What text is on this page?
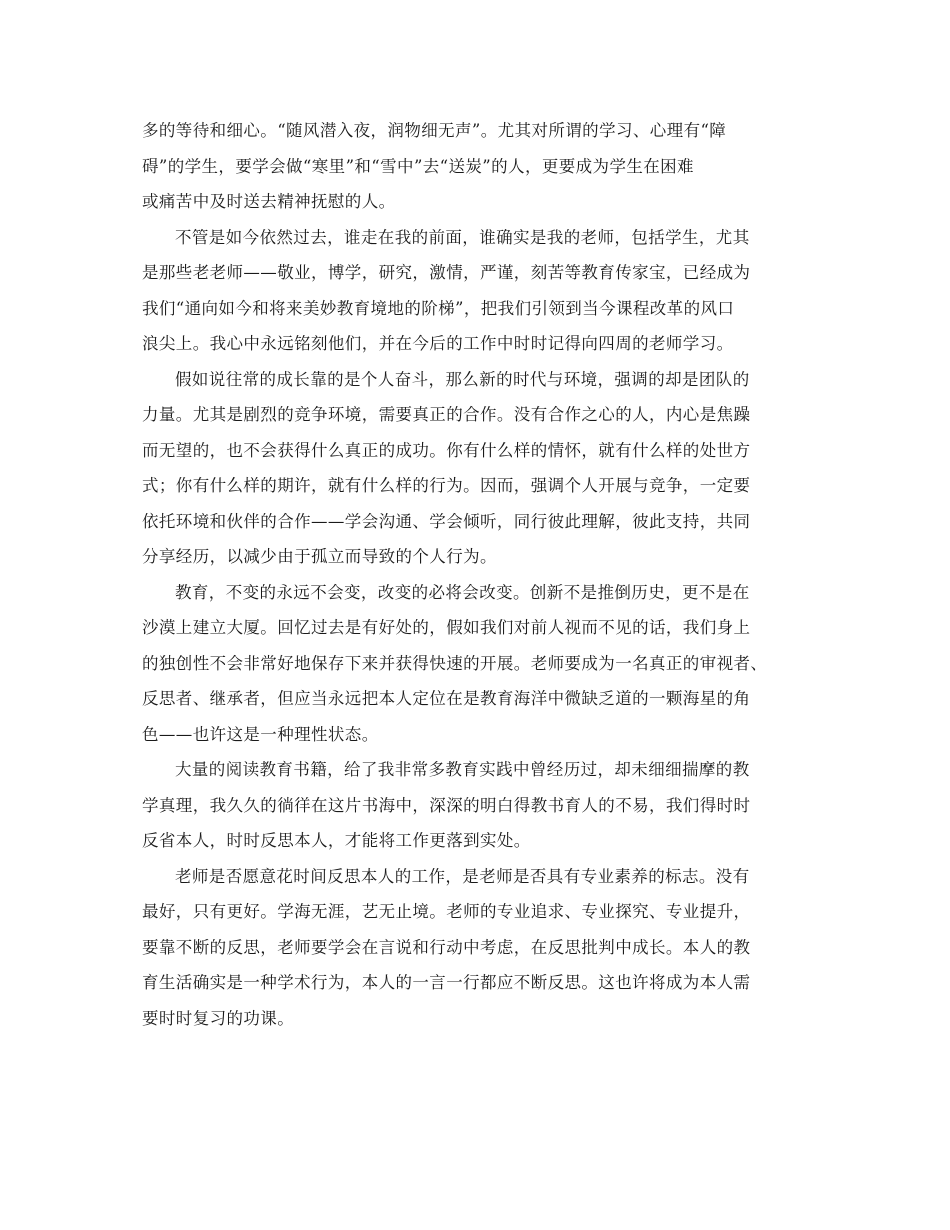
多的等待和细心。“随风潜入夜，润物细无声”。尤其对所谓的学习、心理有“障
碍”的学生，要学会做“寒里”和“雪中”去“送炭”的人，更要成为学生在困难
或痛苦中及时送去精神抚慰的人。
不管是如今依然过去，谁走在我的前面，谁确实是我的老师，包括学生，尤其
是那些老老师——敬业，博学，研究，激情，严谨，刻苦等教育传家宝，已经成为
我们“通向如今和将来美妙教育境地的阶梯”，把我们引领到当今课程改革的风口
浪尖上。我心中永远铭刻他们，并在今后的工作中时时记得向四周的老师学习。
假如说往常的成长靠的是个人奋斗，那么新的时代与环境，强调的却是团队的
力量。尤其是剧烈的竞争环境，需要真正的合作。没有合作之心的人，内心是焦躁
而无望的，也不会获得什么真正的成功。你有什么样的情怀，就有什么样的处世方
式；你有什么样的期许，就有什么样的行为。因而，强调个人开展与竞争，一定要
依托环境和伙伴的合作——学会沟通、学会倾听，同行彼此理解，彼此支持，共同
分享经历，以减少由于孤立而导致的个人行为。
教育，不变的永远不会变，改变的必将会改变。创新不是推倒历史，更不是在
沙漠上建立大厦。回忆过去是有好处的，假如我们对前人视而不见的话，我们身上
的独创性不会非常好地保存下来并获得快速的开展。老师要成为一名真正的审视者、
反思者、继承者，但应当永远把本人定位在是教育海洋中微缺乏道的一颗海星的角
色——也许这是一种理性状态。
大量的阅读教育书籍，给了我非常多教育实践中曾经历过，却未细细揣摩的教
学真理，我久久的徜徉在这片书海中，深深的明白得教书育人的不易，我们得时时
反省本人，时时反思本人，才能将工作更落到实处。
老师是否愿意花时间反思本人的工作，是老师是否具有专业素养的标志。没有
最好，只有更好。学海无涯，艺无止境。老师的专业追求、专业探究、专业提升，
要靠不断的反思，老师要学会在言说和行动中考虑，在反思批判中成长。本人的教
育生活确实是一种学术行为，本人的一言一行都应不断反思。这也许将成为本人需
要时时复习的功课。
